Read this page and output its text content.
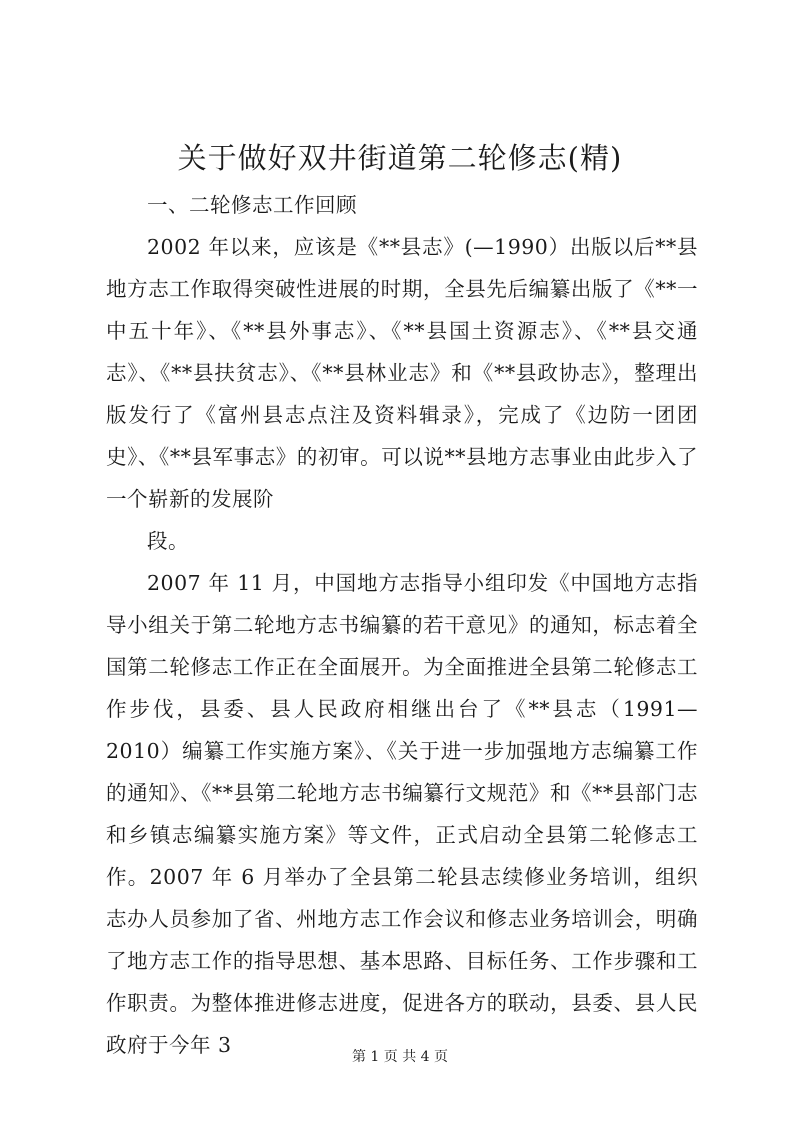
关于做好双井街道第二轮修志(精)

一、二轮修志工作回顾

2002 年以来，应该是《**县志》(—1990）出版以后**县地方志工作取得突破性进展的时期，全县先后编纂出版了《**一中五十年》、《**县外事志》、《**县国土资源志》、《**县交通志》、《**县扶贫志》、《**县林业志》和《**县政协志》，整理出版发行了《富州县志点注及资料辑录》，完成了《边防一团团史》、《**县军事志》的初审。可以说**县地方志事业由此步入了一个崭新的发展阶

段。

2007 年 11 月，中国地方志指导小组印发《中国地方志指导小组关于第二轮地方志书编纂的若干意见》的通知，标志着全国第二轮修志工作正在全面展开。为全面推进全县第二轮修志工作步伐，县委、县人民政府相继出台了《**县志（1991—2010）编纂工作实施方案》、《关于进一步加强地方志编纂工作的通知》、《**县第二轮地方志书编纂行文规范》和《**县部门志和乡镇志编纂实施方案》等文件，正式启动全县第二轮修志工作。2007 年 6 月举办了全县第二轮县志续修业务培训，组织志办人员参加了省、州地方志工作会议和修志业务培训会，明确了地方志工作的指导思想、基本思路、目标任务、工作步骤和工作职责。为整体推进修志进度，促进各方的联动，县委、县人民政府于今年 3	第 1 页 共 4 页
